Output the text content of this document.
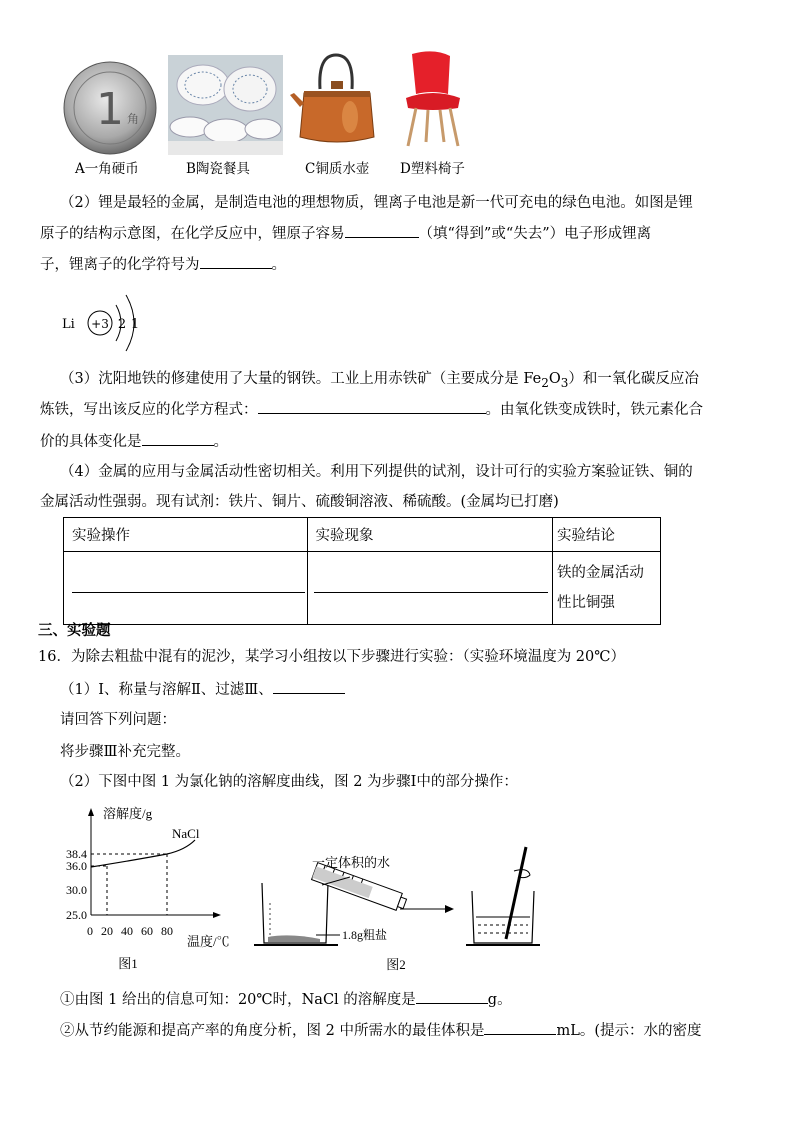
1 角
A一角硬币	B陶瓷餐具	C铜质水壶 D塑料椅子
（2）锂是最轻的金属，是制造电池的理想物质，锂离子电池是新一代可充电的绿色电池。如图是锂
原子的结构示意图，在化学反应中，锂原子容易	（填“得到”或“失去”）电子形成锂离
子，锂离子的化学符号为	。
Li +3 2 1
（3）沈阳地铁的修建使用了大量的钢铁。工业上用赤铁矿（主要成分是 $Fe_2O_3$）和一氧化碳反应冶
炼铁，写出该反应的化学方程式：	。由氧化铁变成铁时，铁元素化合
价的具体变化是	。
（4）金属的应用与金属活动性密切相关。利用下列提供的试剂，设计可行的实验方案验证铁、铜的
金属活动性强弱。现有试剂：铁片、铜片、硫酸铜溶液、稀硫酸。(金属均已打磨)
实验操作	实验现象	实验结论

		铁的金属活动
性比铜强
三、实验题
16．为除去粗盐中混有的泥沙，某学习小组按以下步骤进行实验：（实验环境温度为 20℃）
（1）Ⅰ、称量与溶解Ⅱ、过滤Ⅲ、
请回答下列问题：
将步骤Ⅲ补充完整。
（2）下图中图 1 为氯化钠的溶解度曲线，图 2 为步骤Ⅰ中的部分操作：
溶解度/g
NaCl
38.4
36.0
30.0
25.0
0 20 40 60 80
温度/℃
图1
1.8g粗盐
一定体积的水
图2
①由图 1 给出的信息可知：20℃时，NaCl 的溶解度是	g。
②从节约能源和提高产率的角度分析，图 2 中所需水的最佳体积是	mL。(提示：水的密度
